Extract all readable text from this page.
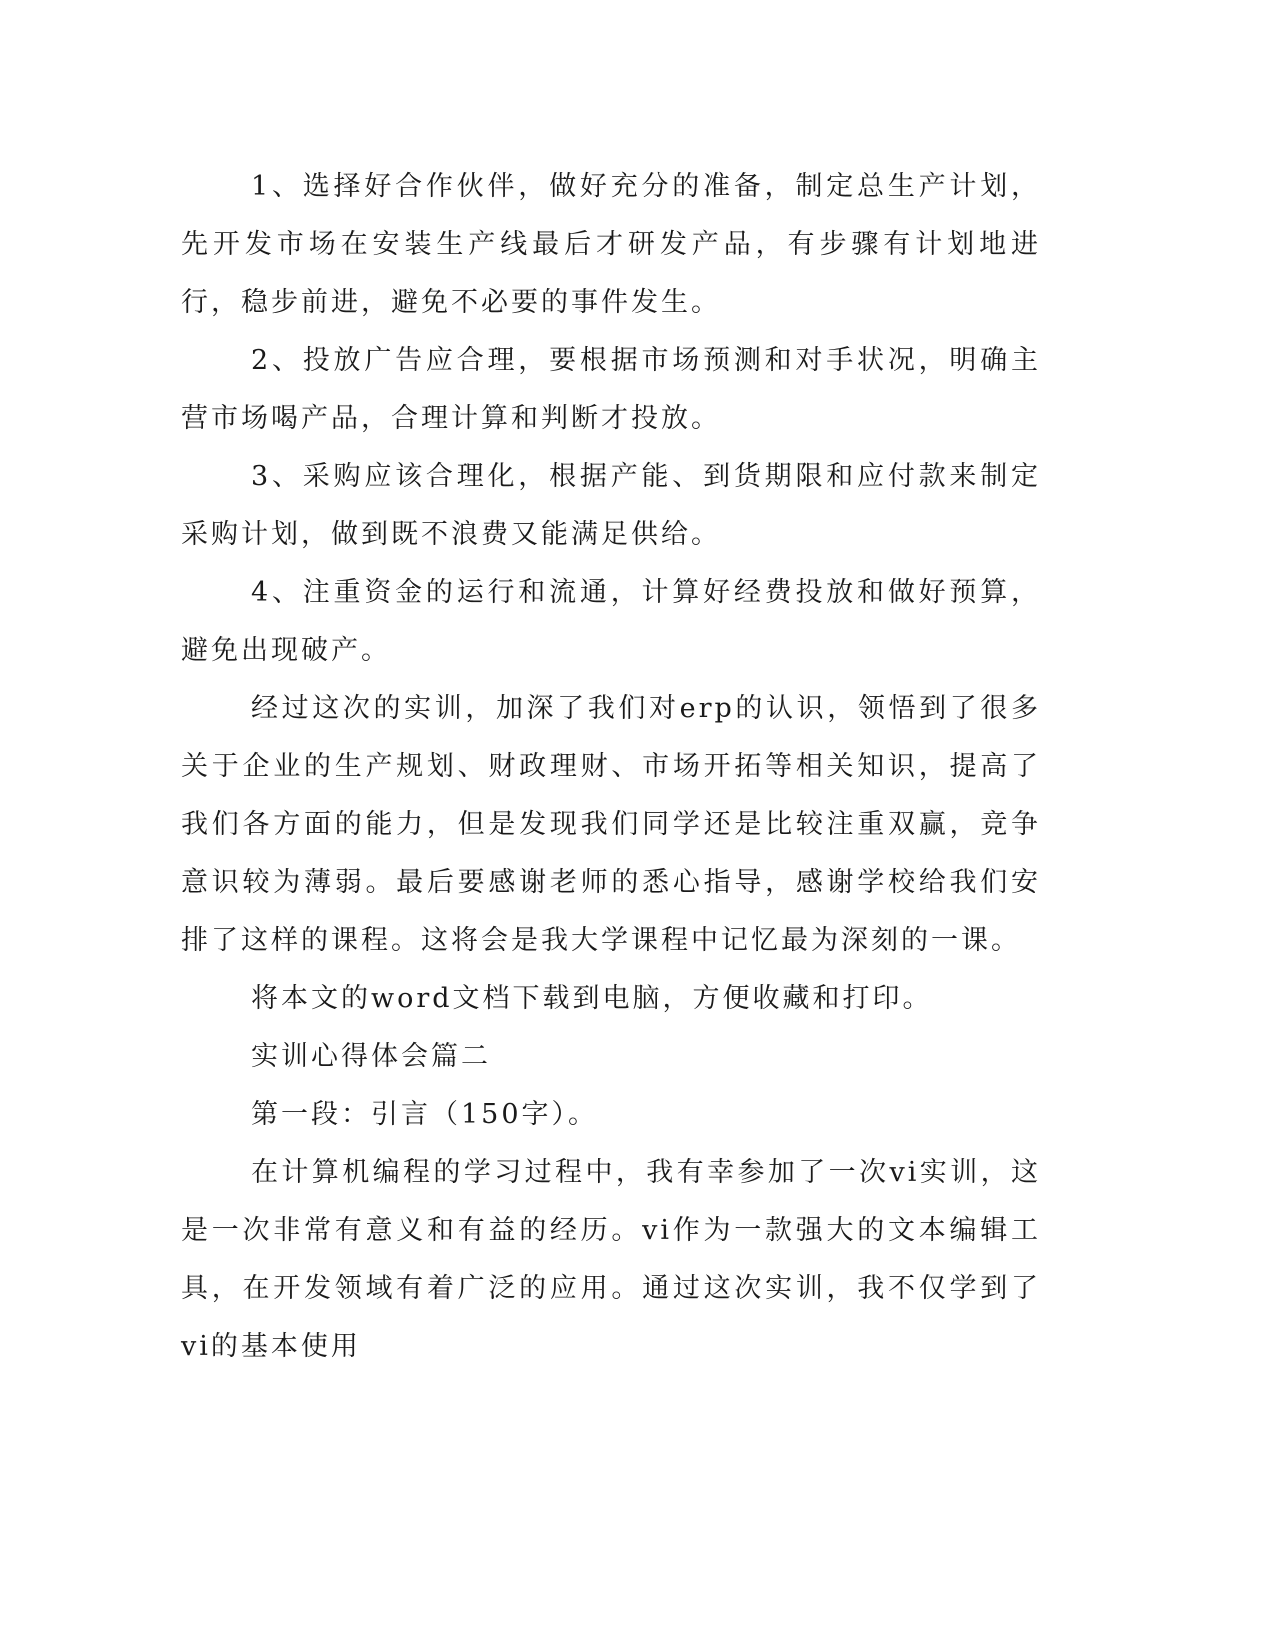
1、选择好合作伙伴，做好充分的准备，制定总生产计划，先开发市场在安装生产线最后才研发产品，有步骤有计划地进行，稳步前进，避免不必要的事件发生。

2、投放广告应合理，要根据市场预测和对手状况，明确主营市场喝产品，合理计算和判断才投放。

3、采购应该合理化，根据产能、到货期限和应付款来制定采购计划，做到既不浪费又能满足供给。

4、注重资金的运行和流通，计算好经费投放和做好预算，避免出现破产。

经过这次的实训，加深了我们对erp的认识，领悟到了很多关于企业的生产规划、财政理财、市场开拓等相关知识，提高了我们各方面的能力，但是发现我们同学还是比较注重双赢，竞争意识较为薄弱。最后要感谢老师的悉心指导，感谢学校给我们安排了这样的课程。这将会是我大学课程中记忆最为深刻的一课。

将本文的word文档下载到电脑，方便收藏和打印。

实训心得体会篇二

第一段：引言（150字）。

在计算机编程的学习过程中，我有幸参加了一次vi实训，这是一次非常有意义和有益的经历。vi作为一款强大的文本编辑工具，在开发领域有着广泛的应用。通过这次实训，我不仅学到了vi的基本使用
